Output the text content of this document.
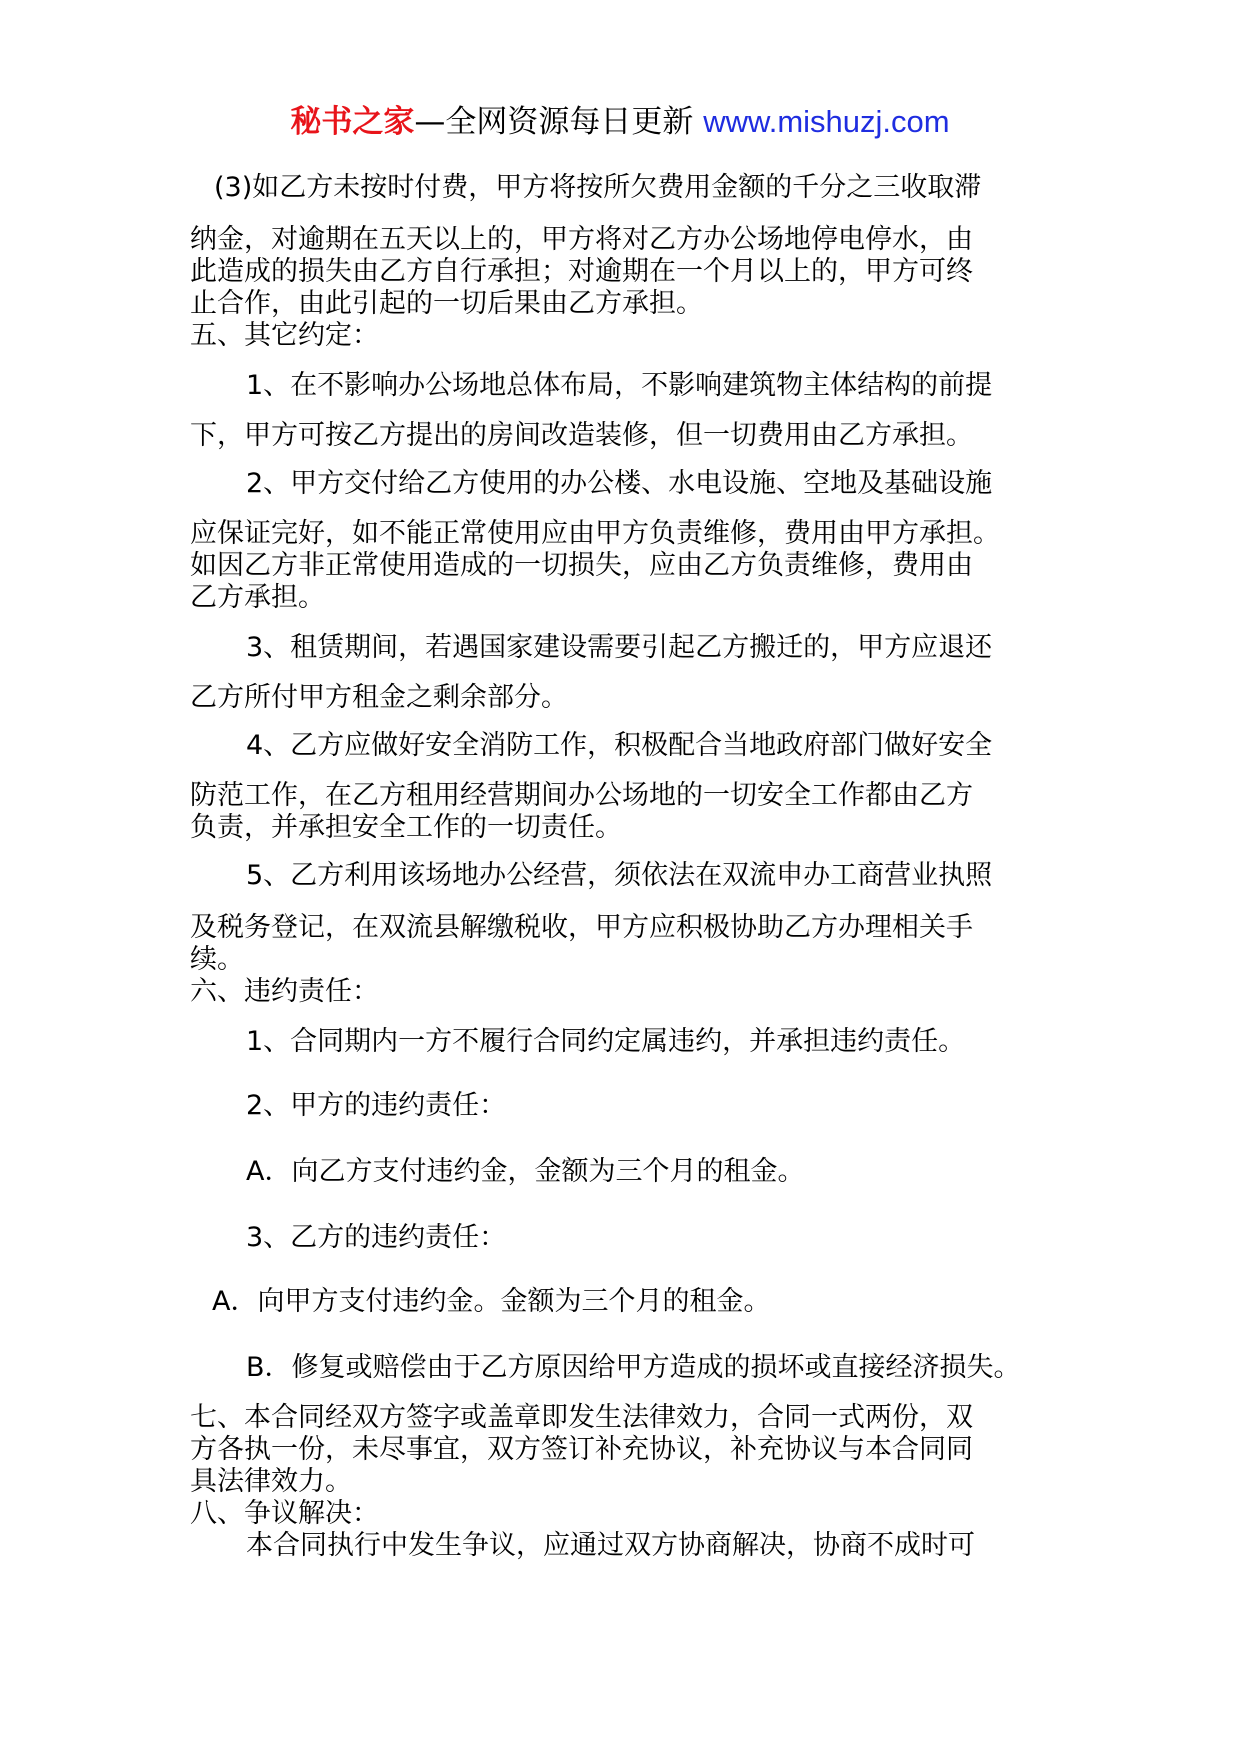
秘书之家—全网资源每日更新 www.mishuzj.com
(3)如乙方未按时付费，甲方将按所欠费用金额的千分之三收取滞
纳金，对逾期在五天以上的，甲方将对乙方办公场地停电停水，由
此造成的损失由乙方自行承担；对逾期在一个月以上的，甲方可终
止合作，由此引起的一切后果由乙方承担。
五、其它约定：
1、在不影响办公场地总体布局，不影响建筑物主体结构的前提
下，甲方可按乙方提出的房间改造装修，但一切费用由乙方承担。
2、甲方交付给乙方使用的办公楼、水电设施、空地及基础设施
应保证完好，如不能正常使用应由甲方负责维修，费用由甲方承担。
如因乙方非正常使用造成的一切损失，应由乙方负责维修，费用由
乙方承担。
3、租赁期间，若遇国家建设需要引起乙方搬迁的，甲方应退还
乙方所付甲方租金之剩余部分。
4、乙方应做好安全消防工作，积极配合当地政府部门做好安全
防范工作，在乙方租用经营期间办公场地的一切安全工作都由乙方
负责，并承担安全工作的一切责任。
5、乙方利用该场地办公经营，须依法在双流申办工商营业执照
及税务登记，在双流县解缴税收，甲方应积极协助乙方办理相关手
续。
六、违约责任：
1、合同期内一方不履行合同约定属违约，并承担违约责任。
2、甲方的违约责任：
A．向乙方支付违约金，金额为三个月的租金。
3、乙方的违约责任：
A．向甲方支付违约金。金额为三个月的租金。
B．修复或赔偿由于乙方原因给甲方造成的损坏或直接经济损失。
七、本合同经双方签字或盖章即发生法律效力，合同一式两份，双
方各执一份，未尽事宜，双方签订补充协议，补充协议与本合同同
具法律效力。
八、争议解决：
本合同执行中发生争议，应通过双方协商解决，协商不成时可
